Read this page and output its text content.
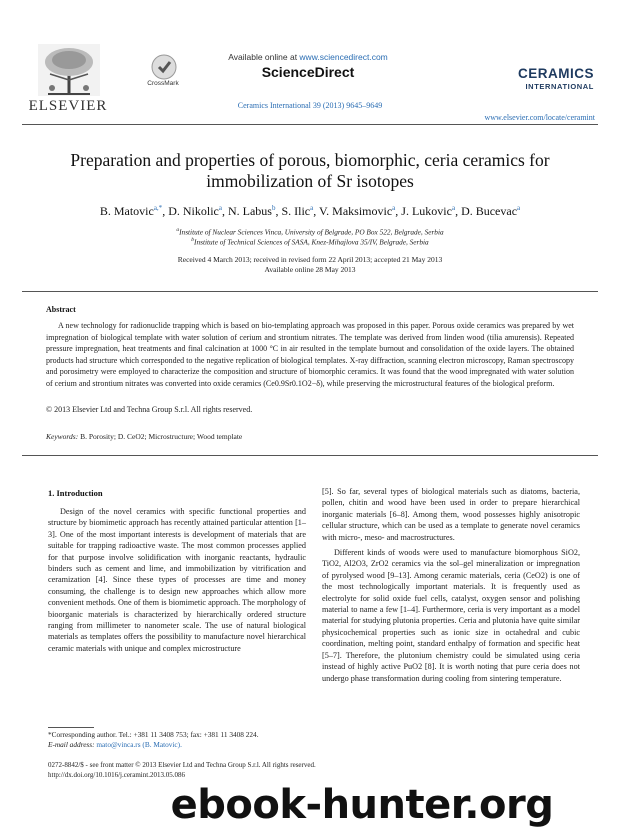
ELSEVIER
CrossMark
Available online at www.sciencedirect.com
ScienceDirect
Ceramics International 39 (2013) 9645–9649
CERAMICS
INTERNATIONAL
www.elsevier.com/locate/ceramint
Preparation and properties of porous, biomorphic, ceria ceramics for immobilization of Sr isotopes
B. Matovic$^{a,*}$, D. Nikolic$^a$, N. Labus$^b$, S. Ilic$^a$, V. Maksimovic$^a$, J. Lukovic$^a$, D. Bucevac$^a$
$^a$Institute of Nuclear Sciences Vinca, University of Belgrade, PO Box 522, Belgrade, Serbia
$^b$Institute of Technical Sciences of SASA, Knez-Mihajlova 35/IV, Belgrade, Serbia
Received 4 March 2013; received in revised form 22 April 2013; accepted 21 May 2013
Available online 28 May 2013
Abstract
A new technology for radionuclide trapping which is based on bio-templating approach was proposed in this paper. Porous oxide ceramics was prepared by wet impregnation of biological template with water solution of cerium and strontium nitrates. The template was derived from linden wood (tilia amurensis). Repeated pressure impregnation, heat treatments and final calcination at 1000 °C in air resulted in the template burnout and consolidation of the oxide layers. The obtained products had structure which corresponded to the negative replication of biological templates. X-ray diffraction, scanning electron microscopy, Raman spectroscopy and porosimetry were employed to characterize the composition and structure of biomorphic ceramics. It was found that the wood impregnated with water solution of cerium and strontium nitrates was converted into oxide ceramics (Ce0.9Sr0.1O2−δ), while preserving the microstructural features of the biological preform.
© 2013 Elsevier Ltd and Techna Group S.r.l. All rights reserved.
Keywords: B. Porosity; D. CeO2; Microstructure; Wood template
1. Introduction

Design of the novel ceramics with specific functional properties and structure by biomimetic approach has recently attained particular attention [1–3]. One of the most important interests is development of materials that are suitable for trapping radioactive waste. The most common processes applied for that purpose involve solidification with inorganic reactants, hydraulic binders such as cement and lime, and immobilization by vitrification and ceramization [4]. Since these types of processes are time and money consuming, the challenge is to design new approaches which allow more convenient methods. One of them is biomimetic approach. The morphology of bioorganic materials is characterized by hierarchically ordered structure ranging from millimeter to nanometer scale. The use of natural biological materials as templates offers the possibility to manufacture novel hierarchical ceramic materials with unique and complex microstructure

[5]. So far, several types of biological materials such as diatoms, bacteria, pollen, chitin and wood have been used in order to prepare hierarchical inorganic materials [6–8]. Among them, wood possesses highly anisotropic cellular structure, which can be used as a template to generate novel ceramics with micro-, meso- and macrostructures.

Different kinds of woods were used to manufacture biomorphous SiO2, TiO2, Al2O3, ZrO2 ceramics via the sol–gel mineralization or impregnation of pyrolysed wood [9–13]. Among ceramic materials, ceria (CeO2) is one of the most technologically important materials. It is frequently used as electrolyte for solid oxide fuel cells, catalyst, oxygen sensor and polishing material to name a few [1–4]. Furthermore, ceria is very important as a model material for studying plutonia properties. Ceria and plutonia have quite similar physicochemical properties such as ionic size in octahedral and cubic coordination, melting point, standard enthalpy of formation and specific heat [5–7]. Therefore, the plutonium chemistry could be simulated using ceria instead of highly active PuO2 [8]. It is worth noting that pure ceria does not undergo phase transformation during cooling from sintering temperature.

*Corresponding author. Tel.: +381 11 3408 753; fax: +381 11 3408 224.
E-mail address: mato@vinca.rs (B. Matovic).
0272-8842/$ - see front matter © 2013 Elsevier Ltd and Techna Group S.r.l. All rights reserved.
http://dx.doi.org/10.1016/j.ceramint.2013.05.086
ebook-hunter.org
